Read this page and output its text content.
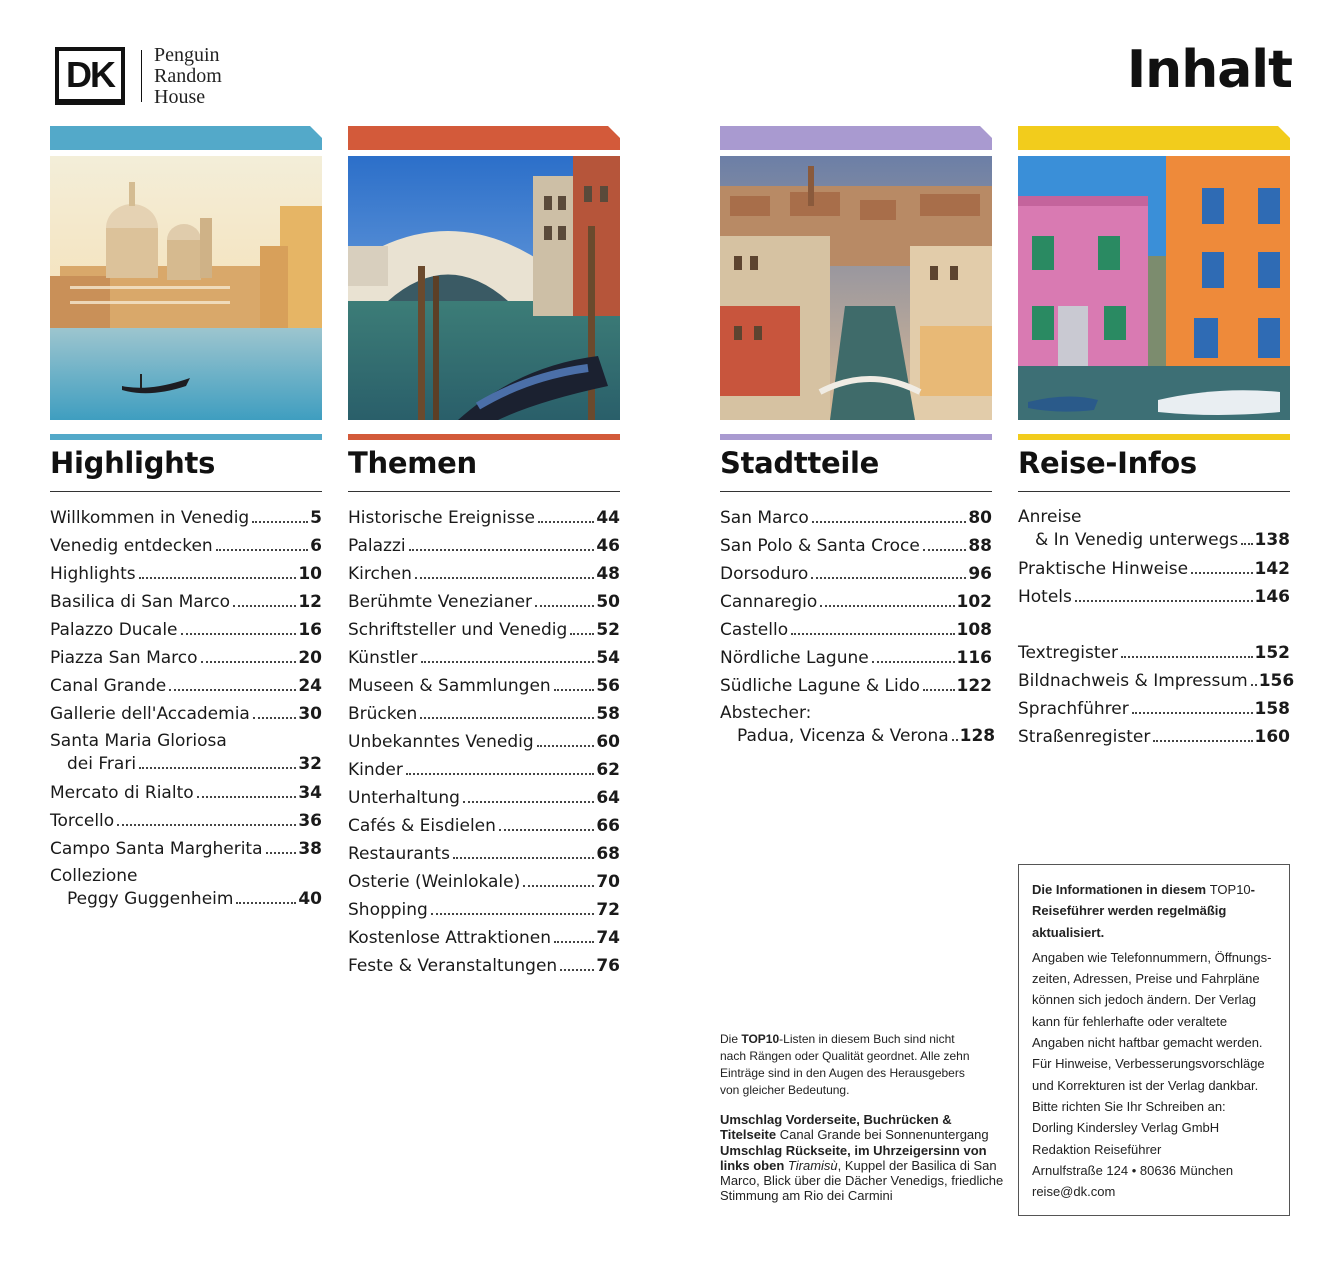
DK	Penguin
Random
House	Inhalt
Highlights
Willkommen in Venedig	5
Venedig entdecken	6
Highlights	10
Basilica di San Marco	12
Palazzo Ducale	16
Piazza San Marco	20
Canal Grande	24
Gallerie dell'Accademia	30
Santa Maria Gloriosa
dei Frari	32
Mercato di Rialto	34
Torcello	36
Campo Santa Margherita 38
Collezione
Peggy Guggenheim	40
Themen
Historische Ereignisse	44
Palazzi	46
Kirchen	48
Berühmte Venezianer	50
Schriftsteller und Venedig 52
Künstler	54
Museen & Sammlungen	56
Brücken	58
Unbekanntes Venedig	60
Kinder	62
Unterhaltung	64
Cafés & Eisdielen	66
Restaurants	68
Osterie (Weinlokale)	70
Shopping	72
Kostenlose Attraktionen	74
Feste & Veranstaltungen 76
Stadtteile
San Marco	80
San Polo & Santa Croce	88
Dorsoduro	96
Cannaregio	102
Castello	108
Nördliche Lagune	116
Südliche Lagune & Lido 122
Abstecher:
Padua, Vicenza & Verona 128
Reise-Infos
Anreise
& In Venedig unterwegs 138
Praktische Hinweise	142
Hotels	146
Textregister	152
Bildnachweis & Impressum 156
Sprachführer	158
Straßenregister	160
Die TOP10-Listen in diesem Buch sind nicht nach Rängen oder Qualität geordnet. Alle zehn Einträge sind in den Augen des Herausgebers von gleicher Bedeutung.
Umschlag Vorderseite, Buchrücken & Titelseite Canal Grande bei Sonnenuntergang
Umschlag Rückseite, im Uhrzeigersinn von links oben Tiramisù, Kuppel der Basilica di San Marco, Blick über die Dächer Venedigs, friedliche Stimmung am Rio dei Carmini
Die Informationen in diesem TOP10-Reiseführer werden regelmäßig aktualisiert.
Angaben wie Telefonnummern, Öffnungszeiten, Adressen, Preise und Fahrpläne können sich jedoch ändern. Der Verlag kann für fehlerhafte oder veraltete Angaben nicht haftbar gemacht werden. Für Hinweise, Verbesserungsvorschläge und Korrekturen ist der Verlag dankbar. Bitte richten Sie Ihr Schreiben an:
Dorling Kindersley Verlag GmbH
Redaktion Reiseführer
Arnulfstraße 124 • 80636 München
reise@dk.com
